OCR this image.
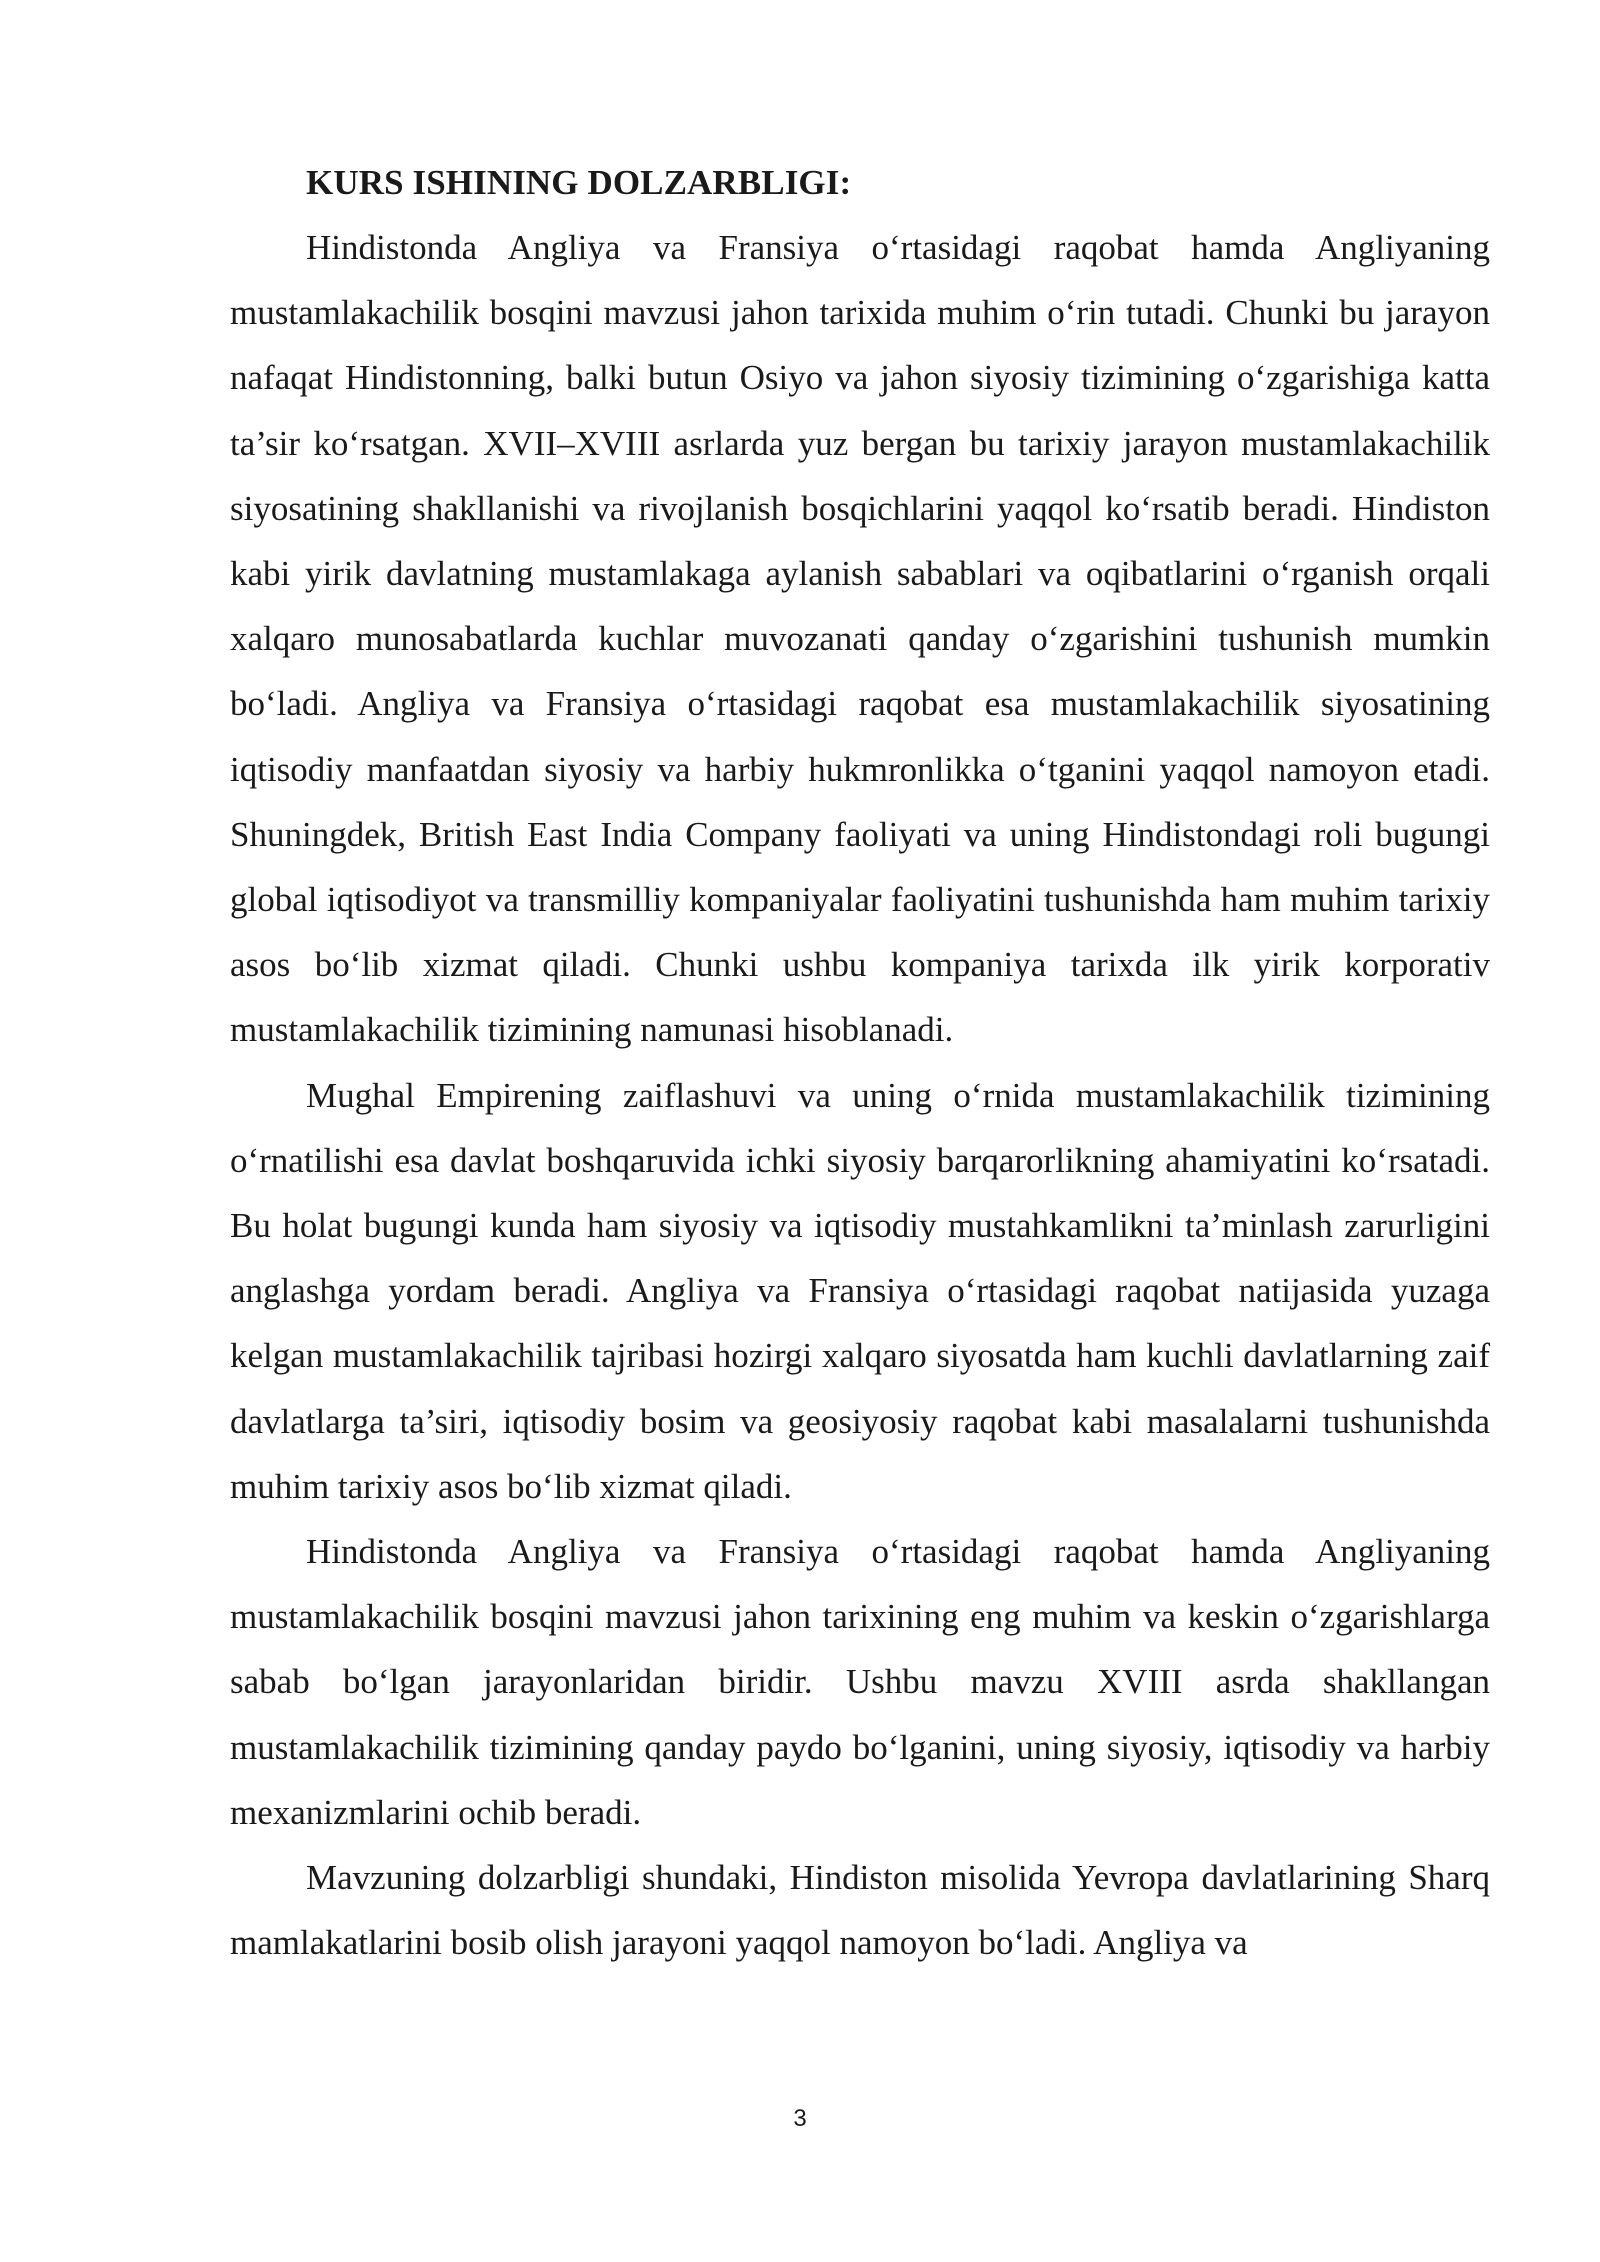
KURS ISHINING DOLZARBLIGI:

Hindistonda Angliya va Fransiya o‘rtasidagi raqobat hamda Angliyaning mustamlakachilik bosqini mavzusi jahon tarixida muhim o‘rin tutadi. Chunki bu jarayon nafaqat Hindistonning, balki butun Osiyo va jahon siyosiy tizimining o‘zgarishiga katta ta’sir ko‘rsatgan. XVII–XVIII asrlarda yuz bergan bu tarixiy jarayon mustamlakachilik siyosatining shakllanishi va rivojlanish bosqichlarini yaqqol ko‘rsatib beradi. Hindiston kabi yirik davlatning mustamlakaga aylanish sabablari va oqibatlarini o‘rganish orqali xalqaro munosabatlarda kuchlar muvozanati qanday o‘zgarishini tushunish mumkin bo‘ladi. Angliya va Fransiya o‘rtasidagi raqobat esa mustamlakachilik siyosatining iqtisodiy manfaatdan siyosiy va harbiy hukmronlikka o‘tganini yaqqol namoyon etadi. Shuningdek, British East India Company faoliyati va uning Hindistondagi roli bugungi global iqtisodiyot va transmilliy kompaniyalar faoliyatini tushunishda ham muhim tarixiy asos bo‘lib xizmat qiladi. Chunki ushbu kompaniya tarixda ilk yirik korporativ mustamlakachilik tizimining namunasi hisoblanadi.

Mughal Empirening zaiflashuvi va uning o‘rnida mustamlakachilik tizimining o‘rnatilishi esa davlat boshqaruvida ichki siyosiy barqarorlikning ahamiyatini ko‘rsatadi. Bu holat bugungi kunda ham siyosiy va iqtisodiy mustahkamlikni ta’minlash zarurligini anglashga yordam beradi. Angliya va Fransiya o‘rtasidagi raqobat natijasida yuzaga kelgan mustamlakachilik tajribasi hozirgi xalqaro siyosatda ham kuchli davlatlarning zaif davlatlarga ta’siri, iqtisodiy bosim va geosiyosiy raqobat kabi masalalarni tushunishda muhim tarixiy asos bo‘lib xizmat qiladi.

Hindistonda Angliya va Fransiya o‘rtasidagi raqobat hamda Angliyaning mustamlakachilik bosqini mavzusi jahon tarixining eng muhim va keskin o‘zgarishlarga sabab bo‘lgan jarayonlaridan biridir. Ushbu mavzu XVIII asrda shakllangan mustamlakachilik tizimining qanday paydo bo‘lganini, uning siyosiy, iqtisodiy va harbiy mexanizmlarini ochib beradi.

Mavzuning dolzarbligi shundaki, Hindiston misolida Yevropa davlatlarining Sharq mamlakatlarini bosib olish jarayoni yaqqol namoyon bo‘ladi. Angliya va

3
